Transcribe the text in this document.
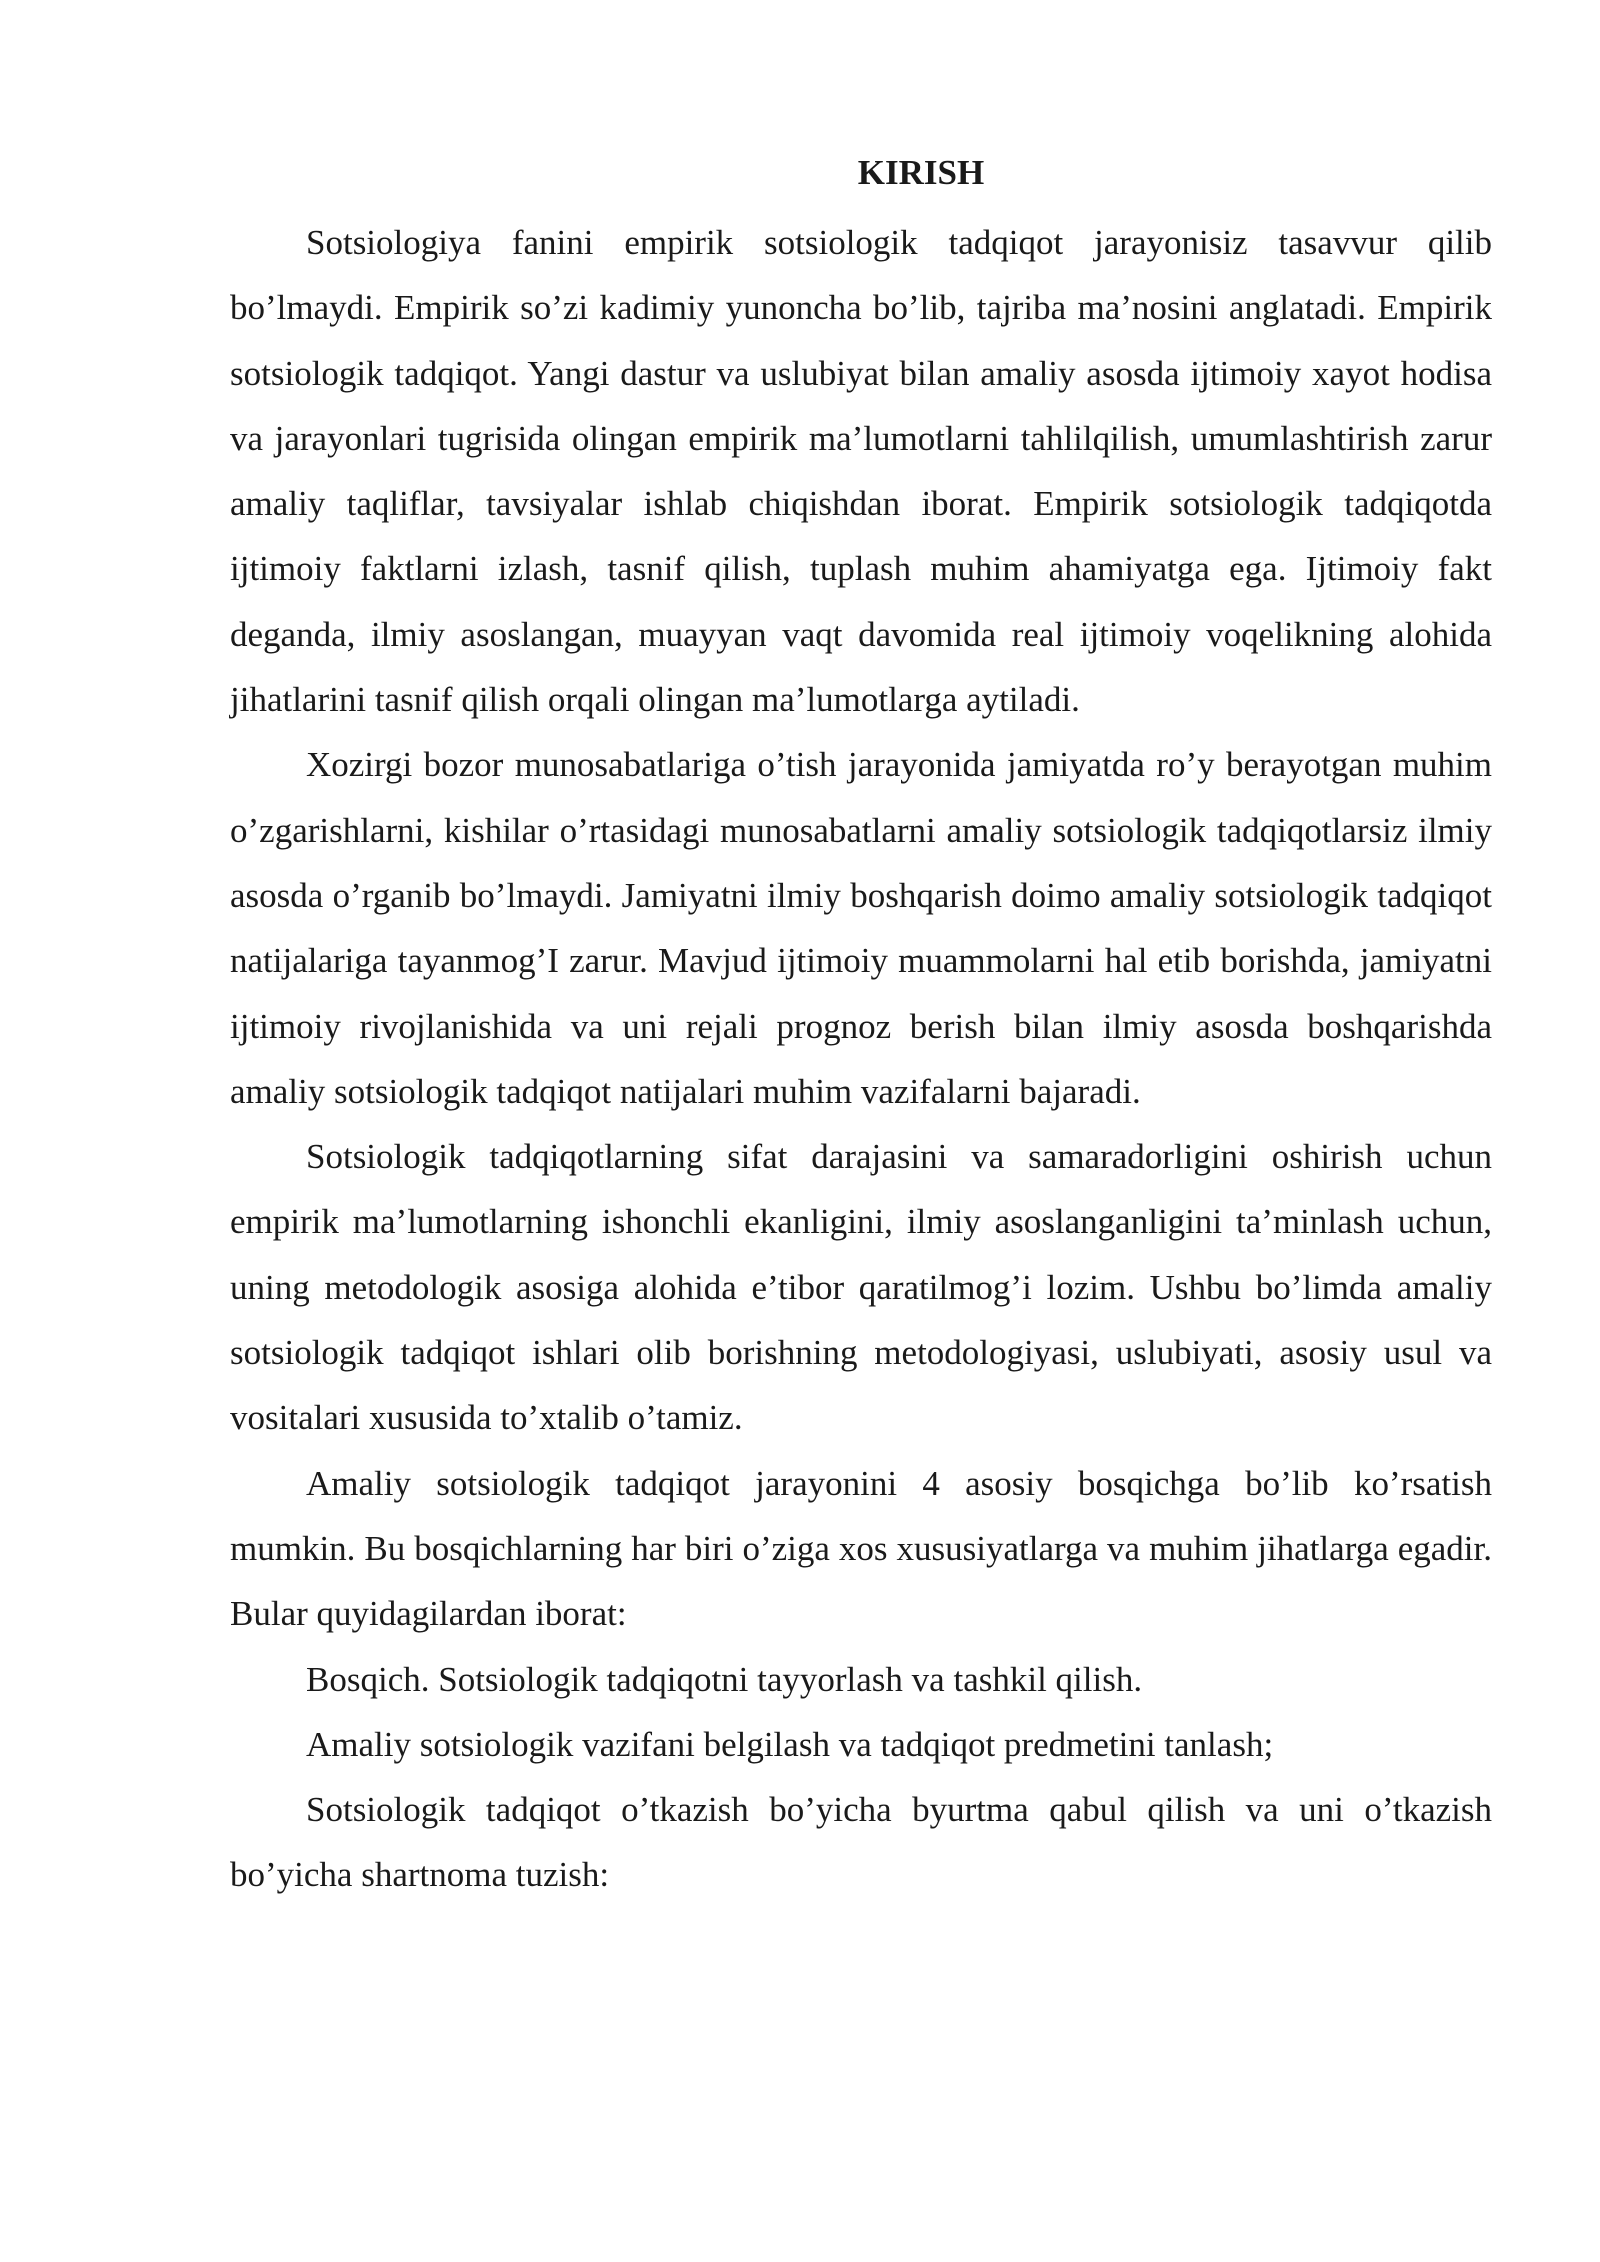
KIRISH

Sotsiologiya fanini empirik sotsiologik tadqiqot jarayonisiz tasavvur qilib bo’lmaydi. Empirik so’zi kadimiy yunoncha bo’lib, tajriba ma’nosini anglatadi. Empirik sotsiologik tadqiqot. Yangi dastur va uslubiyat bilan amaliy asosda ijtimoiy xayot hodisa va jarayonlari tugrisida olingan empirik ma’lumotlarni tahlilqilish, umumlashtirish zarur amaliy taqliflar, tavsiyalar ishlab chiqishdan iborat. Empirik sotsiologik tadqiqotda ijtimoiy faktlarni izlash, tasnif qilish, tuplash muhim ahamiyatga ega. Ijtimoiy fakt deganda, ilmiy asoslangan, muayyan vaqt davomida real ijtimoiy voqelikning alohida jihatlarini tasnif qilish orqali olingan ma’lumotlarga aytiladi.

Xozirgi bozor munosabatlariga o’tish jarayonida jamiyatda ro’y berayotgan muhim o’zgarishlarni, kishilar o’rtasidagi munosabatlarni amaliy sotsiologik tadqiqotlarsiz ilmiy asosda o’rganib bo’lmaydi. Jamiyatni ilmiy boshqarish doimo amaliy sotsiologik tadqiqot natijalariga tayanmog’I zarur. Mavjud ijtimoiy muammolarni hal etib borishda, jamiyatni ijtimoiy rivojlanishida va uni rejali prognoz berish bilan ilmiy asosda boshqarishda amaliy sotsiologik tadqiqot natijalari muhim vazifalarni bajaradi.

Sotsiologik tadqiqotlarning sifat darajasini va samaradorligini oshirish uchun empirik ma’lumotlarning ishonchli ekanligini, ilmiy asoslanganligini ta’minlash uchun, uning metodologik asosiga alohida e’tibor qaratilmog’i lozim. Ushbu bo’limda amaliy sotsiologik tadqiqot ishlari olib borishning metodologiyasi, uslubiyati, asosiy usul va vositalari xususida to’xtalib o’tamiz.

Amaliy sotsiologik tadqiqot jarayonini 4 asosiy bosqichga bo’lib ko’rsatish mumkin. Bu bosqichlarning har biri o’ziga xos xususiyatlarga va muhim jihatlarga egadir. Bular quyidagilardan iborat:

Bosqich. Sotsiologik tadqiqotni tayyorlash va tashkil qilish.

Amaliy sotsiologik vazifani belgilash va tadqiqot predmetini tanlash;

Sotsiologik tadqiqot o’tkazish bo’yicha byurtma qabul qilish va uni o’tkazish bo’yicha shartnoma tuzish:
